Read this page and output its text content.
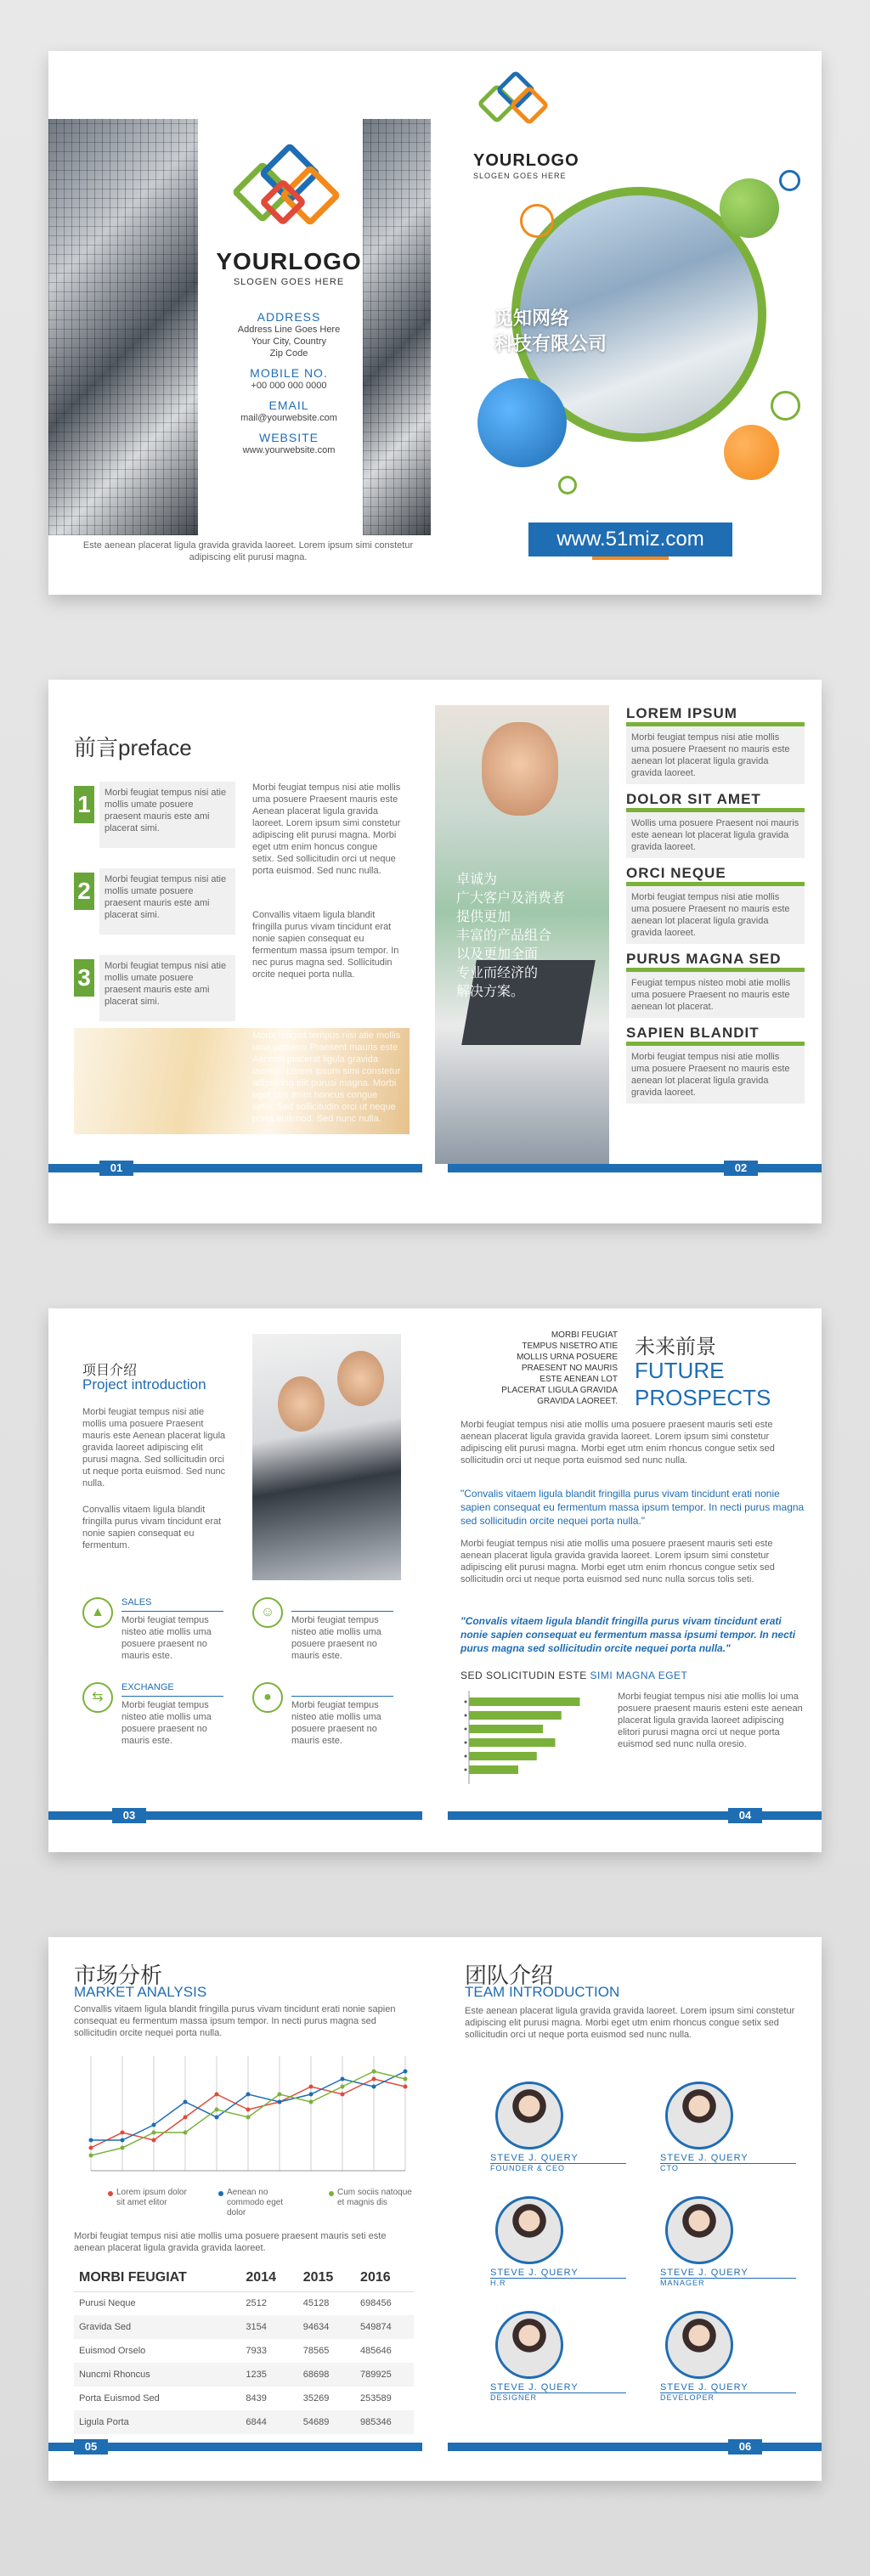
YOURLOGO
SLOGEN GOES HERE
ADDRESS
Address Line Goes Here
Your City, Country
Zip Code
MOBILE NO.
+00 000 000 0000
EMAIL
mail@yourwebsite.com
WEBSITE
www.yourwebsite.com
Este aenean placerat ligula gravida gravida laoreet. Lorem ipsum simi constetur adipiscing elit purusi magna.
YOURLOGO
SLOGEN GOES HERE
觅知网络
科技有限公司
www.51miz.com
前言preface
1	Morbi feugiat tempus nisi atie mollis umate posuere praesent mauris este ami placerat simi.
2	Morbi feugiat tempus nisi atie mollis umate posuere praesent mauris este ami placerat simi.
3	Morbi feugiat tempus nisi atie mollis umate posuere praesent mauris este ami placerat simi.
Morbi feugiat tempus nisi atie mollis uma posuere Praesent mauris este Aenean placerat ligula gravida laoreet. Lorem ipsum simi constetur adipiscing elit purusi magna. Morbi eget utm enim honcus congue setix. Sed sollicitudin orci ut neque porta euismod. Sed nunc nulla.
Convallis vitaem ligula blandit fringilla purus vivam tincidunt erat nonie sapien consequat eu fermentum massa ipsum tempor. In nec purus magna sed. Sollicitudin orcite nequei porta nulla.
Morbi feugiat tempus nisi atie mollis uma posuere Praesent mauris este Aenean placerat ligula gravida laoreet. Lorem ipsum simi constetur adipiscing elit purusi magna. Morbi eget utm enim honcus congue setix. Sed sollicitudin orci ut neque porta euismod. Sed nunc nulla.
01
卓诚为
广大客户及消费者
提供更加
丰富的产品组合
以及更加全面
专业而经济的
解决方案。
LOREM IPSUM
Morbi feugiat tempus nisi atie mollis uma posuere Praesent no mauris este aenean lot placerat ligula gravida gravida laoreet.
DOLOR SIT AMET
Wollis uma posuere Praesent noi mauris este aenean lot placerat ligula gravida gravida laoreet.
ORCI NEQUE
Morbi feugiat tempus nisi atie mollis uma posuere Praesent no mauris este aenean lot placerat ligula gravida gravida laoreet.
PURUS MAGNA SED
Feugiat tempus nisteo mobi atie mollis uma posuere Praesent no mauris este aenean lot placerat.
SAPIEN BLANDIT
Morbi feugiat tempus nisi atie mollis uma posuere Praesent no mauris este aenean lot placerat ligula gravida gravida laoreet.
02
项目介绍
Project introduction
Morbi feugiat tempus nisi atie mollis uma posuere Praesent mauris este Aenean placerat ligula gravida laoreet adipiscing elit purusi magna. Sed sollicitudin orci ut neque porta euismod. Sed nunc nulla.
Convallis vitaem ligula blandit fringilla purus vivam tincidunt erat nonie sapien consequat eu fermentum.
▲
SALES
Morbi feugiat tempus nisteo atie mollis uma posuere praesent no mauris este.
☺
Morbi feugiat tempus nisteo atie mollis uma posuere praesent no mauris este.
⇆
EXCHANGE
Morbi feugiat tempus nisteo atie mollis uma posuere praesent no mauris este.
●
Morbi feugiat tempus nisteo atie mollis uma posuere praesent no mauris este.
03
MORBI FEUGIAT
TEMPUS NISETRO ATIE
MOLLIS URNA POSUERE
PRAESENT NO MAURIS
ESTE AENEAN LOT
PLACERAT LIGULA GRAVIDA
GRAVIDA LAOREET.
未来前景
FUTURE
PROSPECTS
Morbi feugiat tempus nisi atie mollis uma posuere praesent mauris seti este aenean placerat ligula gravida gravida laoreet. Lorem ipsum simi constetur adipiscing elit purusi magna. Morbi eget utm enim rhoncus congue setix sed sollicitudin orci ut neque porta euismod sed nunc nulla.
"Convalis vitaem ligula blandit fringilla purus vivam tincidunt erati nonie sapien consequat eu fermentum massa ipsum tempor. In necti purus magna sed sollicitudin orcite nequei porta nulla."
Morbi feugiat tempus nisi atie mollis uma posuere praesent mauris seti este aenean placerat ligula gravida gravida laoreet. Lorem ipsum simi constetur adipiscing elit purusi magna. Morbi eget utm enim rhoncus congue setix sed sollicitudin orci ut neque porta euismod sed nunc nulla sorcus tolis seti.
"Convalis vitaem ligula blandit fringilla purus vivam tincidunt erati nonie sapien consequat eu fermentum massa ipsumi tempor. In necti purus magna sed sollicitudin orcite nequei porta nulla."
SED SOLICITUDIN ESTE SIMI MAGNA EGET
Morbi feugiat tempus nisi atie mollis loi uma posuere praesent mauris esteni este aenean placerat ligula gravida laoreet adipiscing elitori purusi magna orci ut neque porta euismod sed nunc nulla oresio.
04
市场分析
MARKET ANALYSIS
Convallis vitaem ligula blandit fringilla purus vivam tincidunt erati nonie sapien consequat eu fermentum massa ipsum tempor. In necti purus magna sed sollicitudin orcite nequei porta nulla.
Lorem ipsum dolor sit amet elitor
Aenean no commodo eget dolor
Cum sociis natoque et magnis dis
Morbi feugiat tempus nisi atie mollis uma posuere praesent mauris seti este aenean placerat ligula gravida gravida laoreet.
MORBI FEUGIAT	2014	2015	2016
Purusi Neque	2512	45128	698456
Gravida Sed	3154	94634	549874
Euismod Orselo	7933	78565	485646
Nuncmi Rhoncus	1235	68698	789925
Porta Euismod Sed	8439	35269	253589
Ligula Porta	6844	54689	985346
05
团队介绍
TEAM INTRODUCTION
Este aenean placerat ligula gravida gravida laoreet. Lorem ipsum simi constetur adipiscing elit purusi magna. Morbi eget utm enim rhoncus congue setix sed sollicitudin orci ut neque porta euismod sed nunc nulla.
STEVE J. QUERY
FOUNDER & CEO
STEVE J. QUERY
CTO
STEVE J. QUERY
H.R
STEVE J. QUERY
MANAGER
STEVE J. QUERY
DESIGNER
STEVE J. QUERY
DEVELOPER
06
